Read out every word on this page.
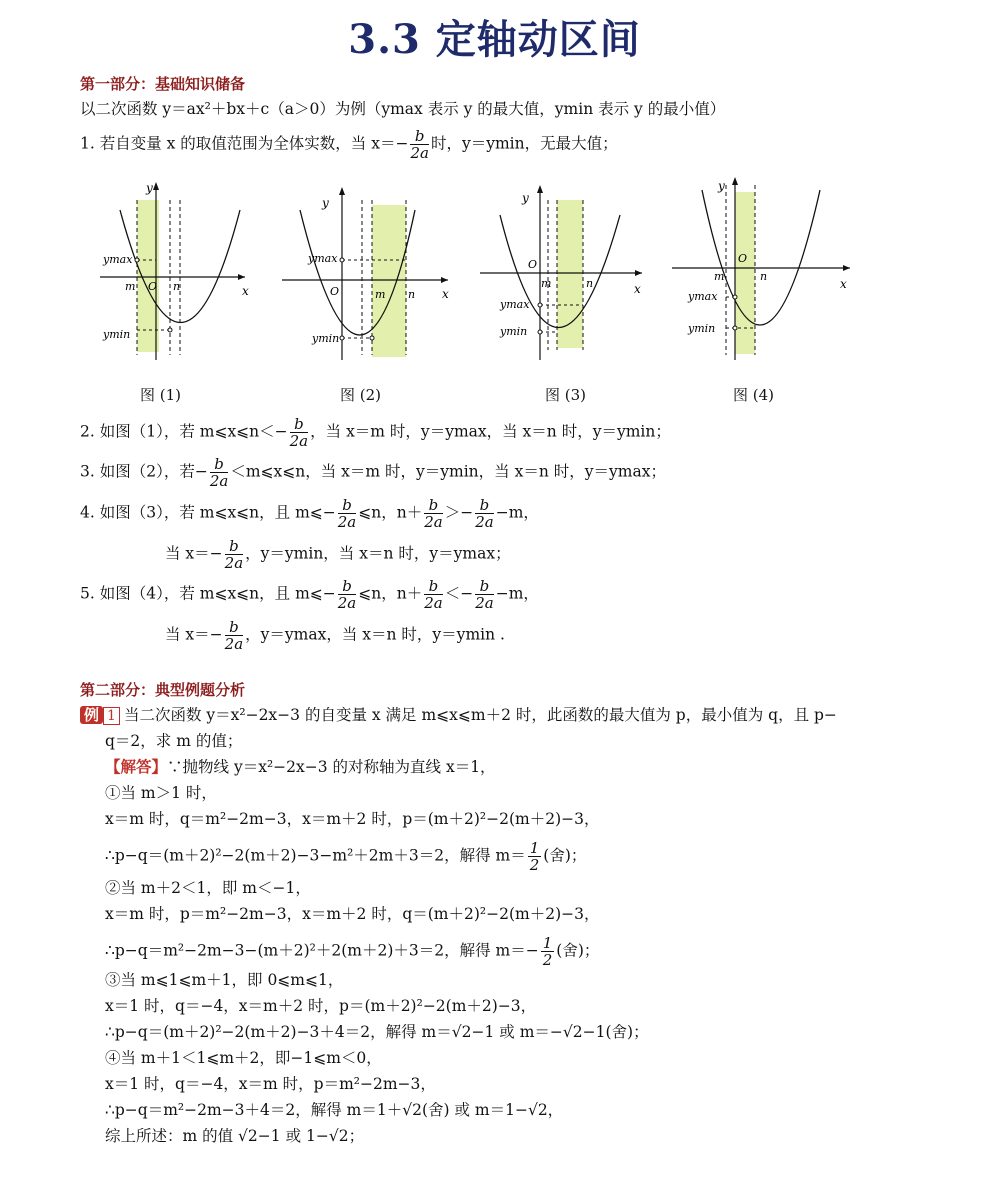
3.3 定轴动区间
第一部分：基础知识储备
以二次函数 y＝ax²＋bx＋c（a＞0）为例（ymax 表示 y 的最大值，ymin 表示 y 的最小值）
1. 若自变量 x 的取值范围为全体实数，当 $x=- \frac{b}{2a}$ 时，y＝ymin，无最大值；
y
x
O
m	n
ymax
ymin
y
x
O	m n
ymax
ymin
y
x
O
m	n
ymax
ymin
y
x
O
m	n
ymax
ymin
图 (1)	图 (2)	图 (3)	图 (4)
2. 如图（1），若 m⩽x⩽n＜− $\frac{b}{2a}$ ，当 x＝m 时，y＝ymax，当 x＝n 时，y＝ymin；
3. 如图（2），若− $\frac{b}{2a}$ ＜m⩽x⩽n，当 x＝m 时，y＝ymin，当 x＝n 时，y＝ymax；
4. 如图（3），若 m⩽x⩽n，且 m⩽− $\frac{b}{2a}$ ⩽n，$n+ \frac{b}{2a} >- \frac{b}{2a} -m$，
当 $x=- \frac{b}{2a}$ ，y＝ymin，当 x＝n 时，y＝ymax；
5. 如图（4），若 m⩽x⩽n，且 m⩽− $\frac{b}{2a}$ ⩽n，$n+ \frac{b}{2a} <- \frac{b}{2a} -m$，
当 $x=- \frac{b}{2a}$ ，y＝ymax，当 x＝n 时，y＝ymin .
第二部分：典型例题分析
例 1 当二次函数 y＝x²−2x−3 的自变量 x 满足 m⩽x⩽m＋2 时，此函数的最大值为 p，最小值为 q，且 p−
q＝2，求 m 的值；
【解答】∵抛物线 y＝x²−2x−3 的对称轴为直线 x＝1，
①当 m＞1 时，
x＝m 时，q＝m²−2m−3，x＝m＋2 时，p＝(m＋2)²−2(m＋2)−3，
∴p−q＝(m＋2)²−2(m＋2)−3−m²＋2m＋3＝2，解得 $m= \frac{1}{2}$ (舍)；
②当 m＋2＜1，即 m＜−1，
x＝m 时，p＝m²−2m−3，x＝m＋2 时，q＝(m＋2)²−2(m＋2)−3，
∴p−q＝m²−2m−3−(m＋2)²＋2(m＋2)＋3＝2，解得 $m=- \frac{1}{2}$ (舍)；
③当 m⩽1⩽m＋1，即 0⩽m⩽1，
x＝1 时，q＝−4，x＝m＋2 时，p＝(m＋2)²−2(m＋2)−3，
∴p−q＝(m＋2)²−2(m＋2)−3＋4＝2，解得 m＝√2−1 或 m＝−√2−1(舍)；
④当 m＋1＜1⩽m＋2，即−1⩽m＜0，
x＝1 时，q＝−4，x＝m 时，p＝m²−2m−3，
∴p−q＝m²−2m−3＋4＝2，解得 m＝1＋√2(舍) 或 m＝1−√2，
综上所述：m 的值 √2−1 或 1−√2；
